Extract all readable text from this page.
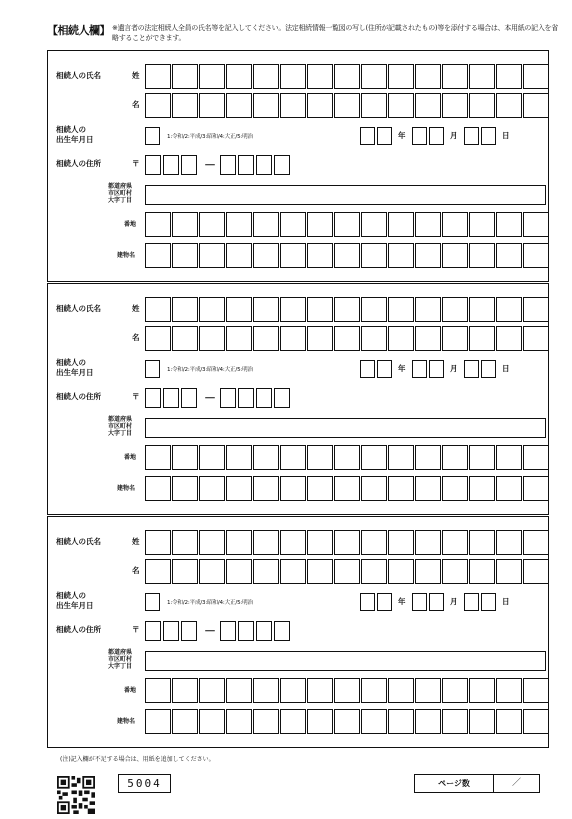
【相続人欄】 ※遺言者の法定相続人全員の氏名等を記入してください。法定相続情報一覧図の写し(住所が記載されたもの)等を添付する場合は、本用紙の記入を省略することができます。
相続人の氏名	姓
名
相続人の
出生年月日	1:令和/2:平成/3:昭和/4:大正/5:明治	年	月	日
相続人の住所	〒	－
都道府県
市区町村
大字丁目
番地
建物名
相続人の氏名	姓
名
相続人の
出生年月日	1:令和/2:平成/3:昭和/4:大正/5:明治	年	月	日
相続人の住所	〒	－
都道府県
市区町村
大字丁目
番地
建物名
相続人の氏名	姓
名
相続人の
出生年月日	1:令和/2:平成/3:昭和/4:大正/5:明治	年	月	日
相続人の住所	〒	－
都道府県
市区町村
大字丁目
番地
建物名
(注)記入欄が不足する場合は、用紙を追加してください。
5004	ページ数	／
